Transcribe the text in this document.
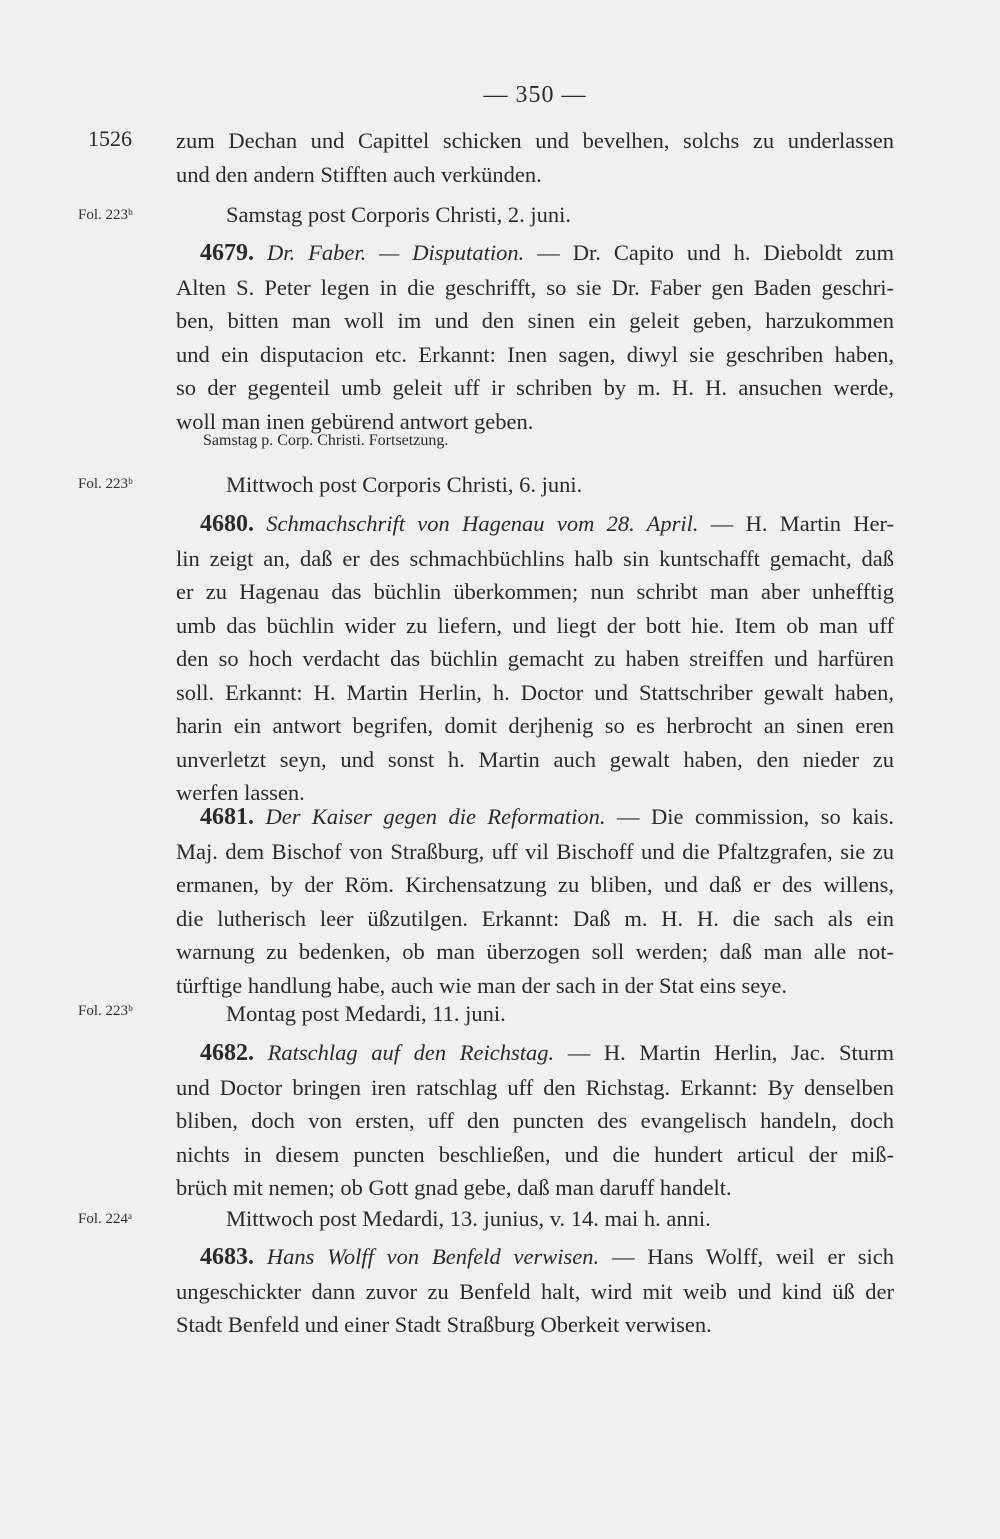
— 350 —
1526
Fol. 223ᵇ
Fol. 223ᵇ
Fol. 223ᵇ
Fol. 224ᵃ
zum Dechan und Capittel schicken und bevelhen, solchs zu underlassen
und den andern Stifften auch verkünden.
Samstag post Corporis Christi, 2. juni.
4679. Dr. Faber. — Disputation. — Dr. Capito und h. Dieboldt zum
Alten S. Peter legen in die geschrifft, so sie Dr. Faber gen Baden geschri-
ben, bitten man woll im und den sinen ein geleit geben, harzukommen
und ein disputacion etc. Erkannt: Inen sagen, diwyl sie geschriben haben,
so der gegenteil umb geleit uff ir schriben by m. H. H. ansuchen werde,
woll man inen gebürend antwort geben.
Samstag p. Corp. Christi. Fortsetzung.
Mittwoch post Corporis Christi, 6. juni.
4680. Schmachschrift von Hagenau vom 28. April. — H. Martin Her-
lin zeigt an, daß er des schmachbüchlins halb sin kuntschafft gemacht, daß
er zu Hagenau das büchlin überkommen; nun schribt man aber unhefftig
umb das büchlin wider zu liefern, und liegt der bott hie. Item ob man uff
den so hoch verdacht das büchlin gemacht zu haben streiffen und harfüren
soll. Erkannt: H. Martin Herlin, h. Doctor und Stattschriber gewalt haben,
harin ein antwort begrifen, domit derjhenig so es herbrocht an sinen eren
unverletzt seyn, und sonst h. Martin auch gewalt haben, den nieder zu
werfen lassen.
4681. Der Kaiser gegen die Reformation. — Die commission, so kais.
Maj. dem Bischof von Straßburg, uff vil Bischoff und die Pfaltzgrafen, sie zu
ermanen, by der Röm. Kirchensatzung zu bliben, und daß er des willens,
die lutherisch leer üßzutilgen. Erkannt: Daß m. H. H. die sach als ein
warnung zu bedenken, ob man überzogen soll werden; daß man alle not-
türftige handlung habe, auch wie man der sach in der Stat eins seye.
Montag post Medardi, 11. juni.
4682. Ratschlag auf den Reichstag. — H. Martin Herlin, Jac. Sturm
und Doctor bringen iren ratschlag uff den Richstag. Erkannt: By denselben
bliben, doch von ersten, uff den puncten des evangelisch handeln, doch
nichts in diesem puncten beschließen, und die hundert articul der miß-
brüch mit nemen; ob Gott gnad gebe, daß man daruff handelt.
Mittwoch post Medardi, 13. junius, v. 14. mai h. anni.
4683. Hans Wolff von Benfeld verwisen. — Hans Wolff, weil er sich
ungeschickter dann zuvor zu Benfeld halt, wird mit weib und kind üß der
Stadt Benfeld und einer Stadt Straßburg Oberkeit verwisen.
